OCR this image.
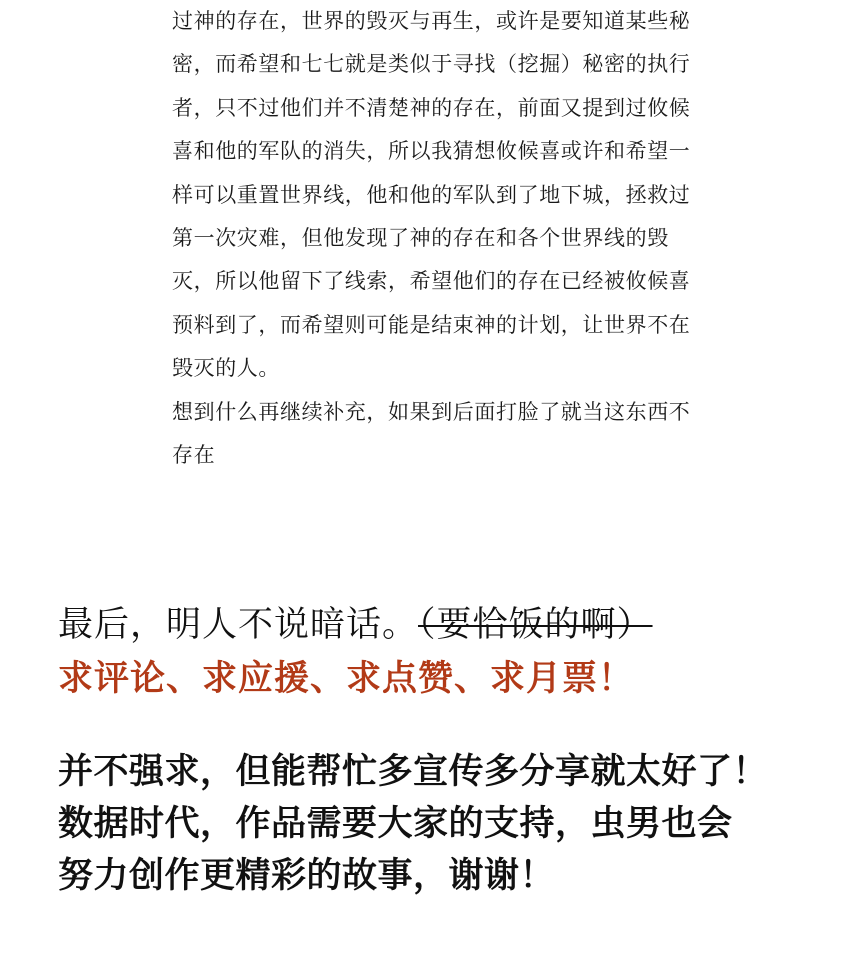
过神的存在，世界的毁灭与再生，或许是要知道某些秘
密，而希望和七七就是类似于寻找（挖掘）秘密的执行
者，只不过他们并不清楚神的存在，前面又提到过攸候
喜和他的军队的消失，所以我猜想攸候喜或许和希望一
样可以重置世界线，他和他的军队到了地下城，拯救过
第一次灾难，但他发现了神的存在和各个世界线的毁
灭，所以他留下了线索，希望他们的存在已经被攸候喜
预料到了，而希望则可能是结束神的计划，让世界不在
毁灭的人。
想到什么再继续补充，如果到后面打脸了就当这东西不
存在
最后，明人不说暗话。（要恰饭的啊）
求评论、求应援、求点赞、求月票！
并不强求，但能帮忙多宣传多分享就太好了！
数据时代，作品需要大家的支持，虫男也会
努力创作更精彩的故事，谢谢！
